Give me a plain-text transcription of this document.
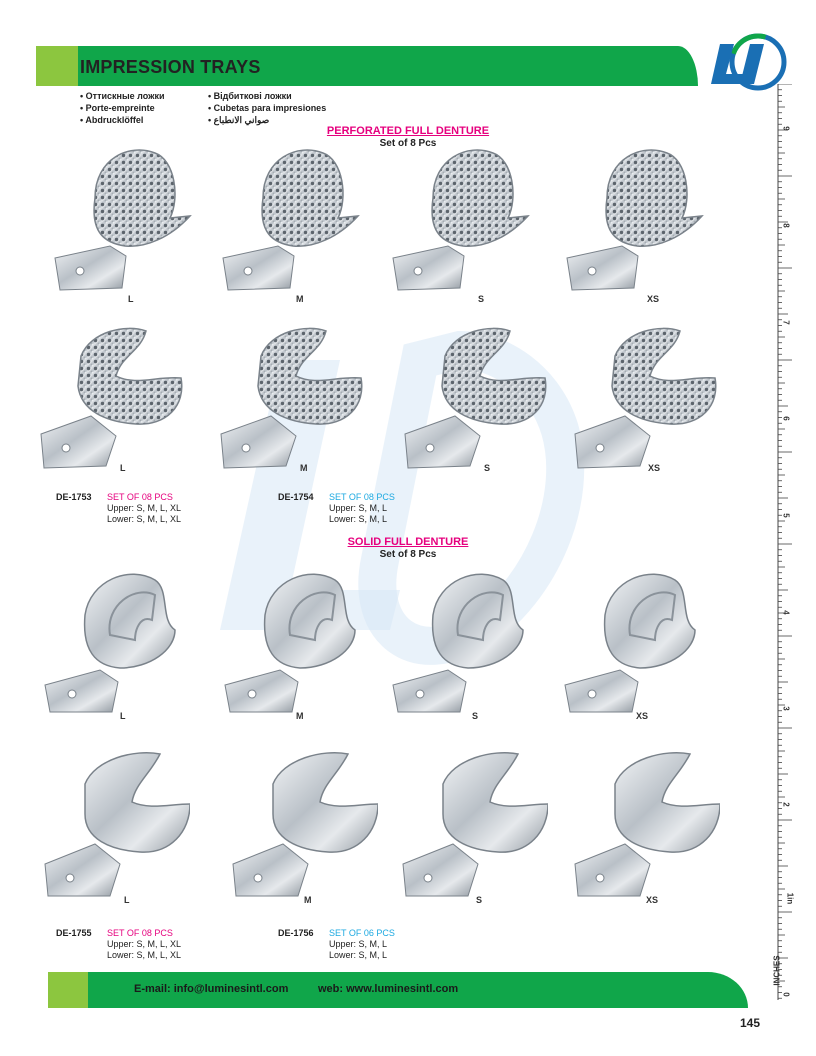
IMPRESSION TRAYS
• Оттискные ложки
• Porte-empreinte
• Abdrucklöffel
• Відбиткові ложки
• Cubetas para impresiones
• صواني الانطباع
9
8
7
6
5
4
3
2
1in
0
INCHES
PERFORATED FULL DENTURE
Set of 8 Pcs
L	M	S	XS
L	M	S	XS
DE-1753 SET OF 08 PCS
Upper: S, M, L, XL
Lower: S, M, L, XL
DE-1754 SET OF 08 PCS
Upper: S, M, L
Lower: S, M, L
SOLID FULL DENTURE
Set of 8 Pcs
L	M	S	XS
L	M	S	XS
DE-1755 SET OF 08 PCS
Upper: S, M, L, XL
Lower: S, M, L, XL
DE-1756 SET OF 06 PCS
Upper: S, M, L
Lower: S, M, L
E-mail: info@luminesintl.com	web: www.luminesintl.com
145
